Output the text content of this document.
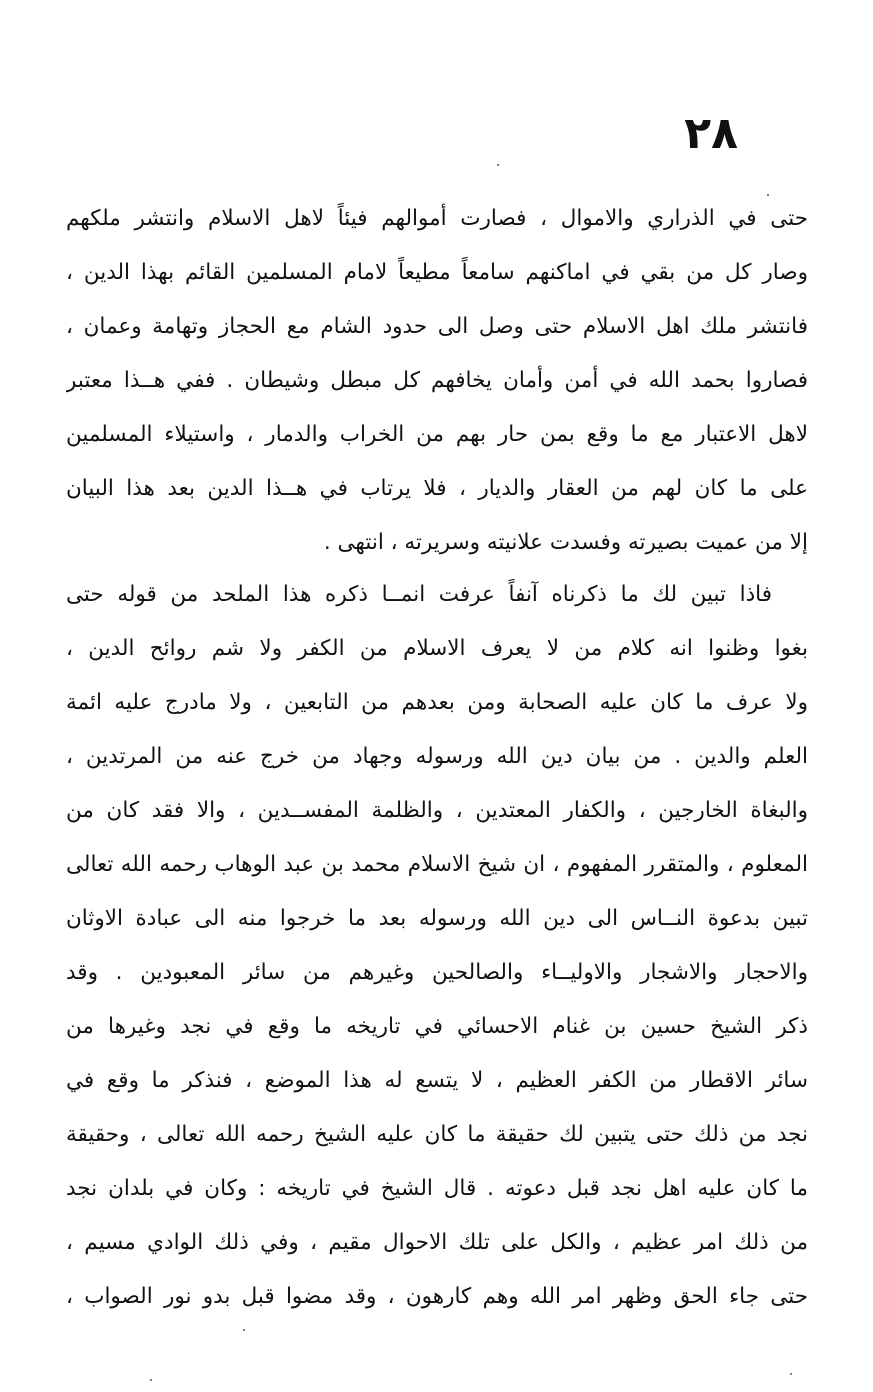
٢٨
حتى في الذراري والاموال ، فصارت أموالهم فيئاً لاهل الاسلام وانتشر ملكهم
وصار كل من بقي في اماكنهم سامعاً مطيعاً لامام المسلمين القائم بهذا الدين ،
فانتشر ملك اهل الاسلام حتى وصل الى حدود الشام مع الحجاز وتهامة وعمان ،
فصاروا بحمد الله في أمن وأمان يخافهم كل مبطل وشيطان . ففي هــذا معتبر
لاهل الاعتبار مع ما وقع بمن حار بهم من الخراب والدمار ، واستيلاء المسلمين
على ما كان لهم من العقار والديار ، فلا يرتاب في هــذا الدين بعد هذا البيان
إلا من عميت بصيرته وفسدت علانيته وسريرته ، انتهى .
فاذا تبين لك ما ذكرناه آنفاً عرفت انمــا ذكره هذا الملحد من قوله حتى
بغوا وظنوا انه كلام من لا يعرف الاسلام من الكفر ولا شم روائح الدين ،
ولا عرف ما كان عليه الصحابة ومن بعدهم من التابعين ، ولا مادرج عليه ائمة
العلم والدين . من بيان دين الله ورسوله وجهاد من خرج عنه من المرتدين ،
والبغاة الخارجين ، والكفار المعتدين ، والظلمة المفســدين ، والا فقد كان من
المعلوم ، والمتقرر المفهوم ، ان شيخ الاسلام محمد بن عبد الوهاب رحمه الله تعالى
تبين بدعوة النــاس الى دين الله ورسوله بعد ما خرجوا منه الى عبادة الاوثان
والاحجار والاشجار والاوليــاء والصالحين وغيرهم من سائر المعبودين . وقد
ذكر الشيخ حسين بن غنام الاحسائي في تاريخه ما وقع في نجد وغيرها من
سائر الاقطار من الكفر العظيم ، لا يتسع له هذا الموضع ، فنذكر ما وقع في
نجد من ذلك حتى يتبين لك حقيقة ما كان عليه الشيخ رحمه الله تعالى ، وحقيقة
ما كان عليه اهل نجد قبل دعوته . قال الشيخ في تاريخه : وكان في بلدان نجد
من ذلك امر عظيم ، والكل على تلك الاحوال مقيم ، وفي ذلك الوادي مسيم ،
حتى جاء الحق وظهر امر الله وهم كارهون ، وقد مضوا قبل بدو نور الصواب ،
